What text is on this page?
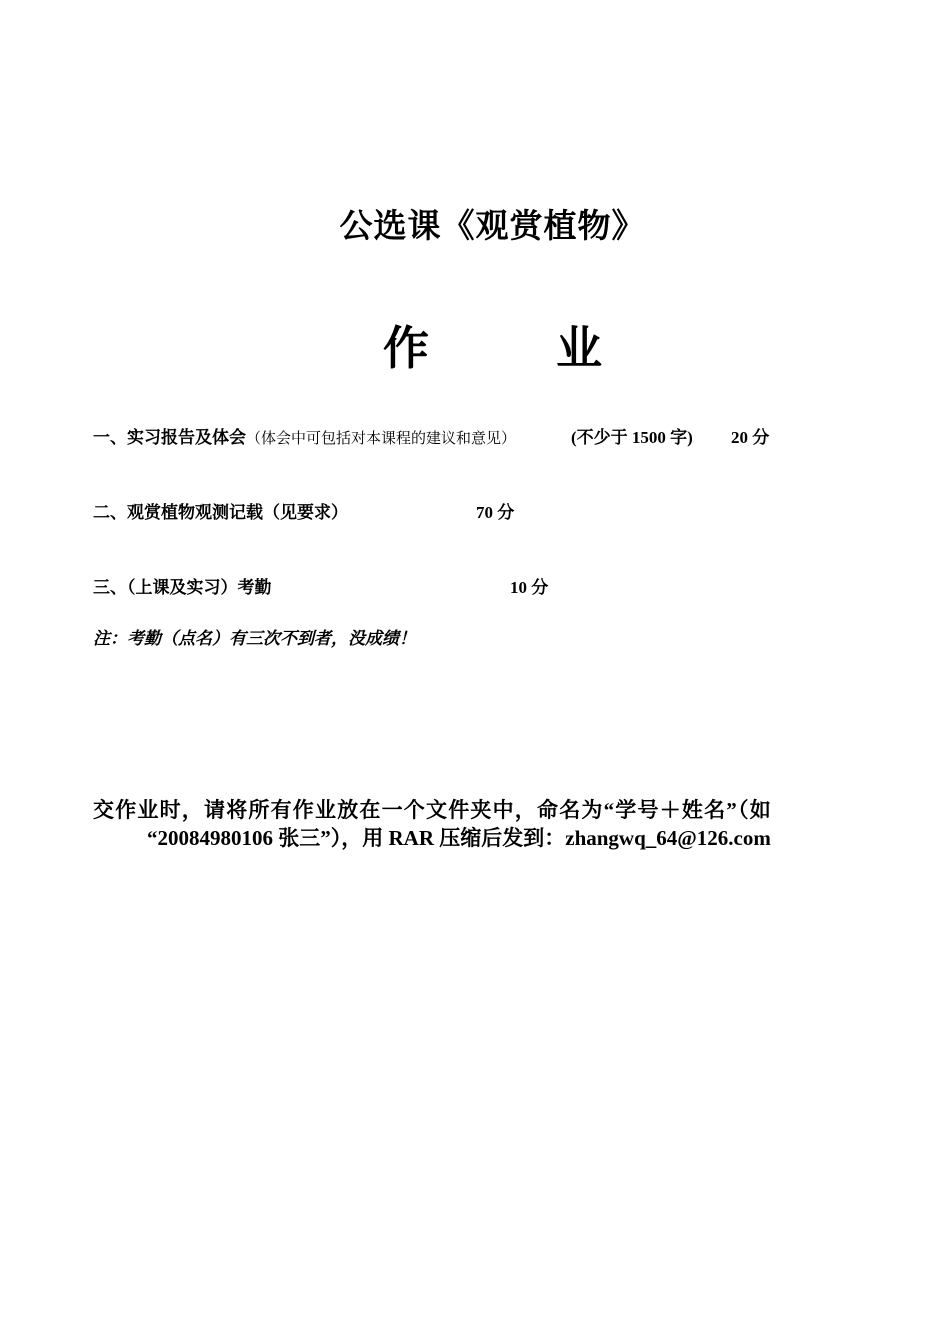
公选课《观赏植物》
作	业
一、实习报告及体会（体会中可包括对本课程的建议和意见）	(不少于 1500 字) 20 分
二、观赏植物观测记载（见要求）	70 分
三、（上课及实习）考勤	10 分
注：考勤（点名）有三次不到者，没成绩！
交作业时，请将所有作业放在一个文件夹中，命名为“学号＋姓名”（如
“20084980106 张三”），用 RAR 压缩后发到：zhangwq_64@126.com
